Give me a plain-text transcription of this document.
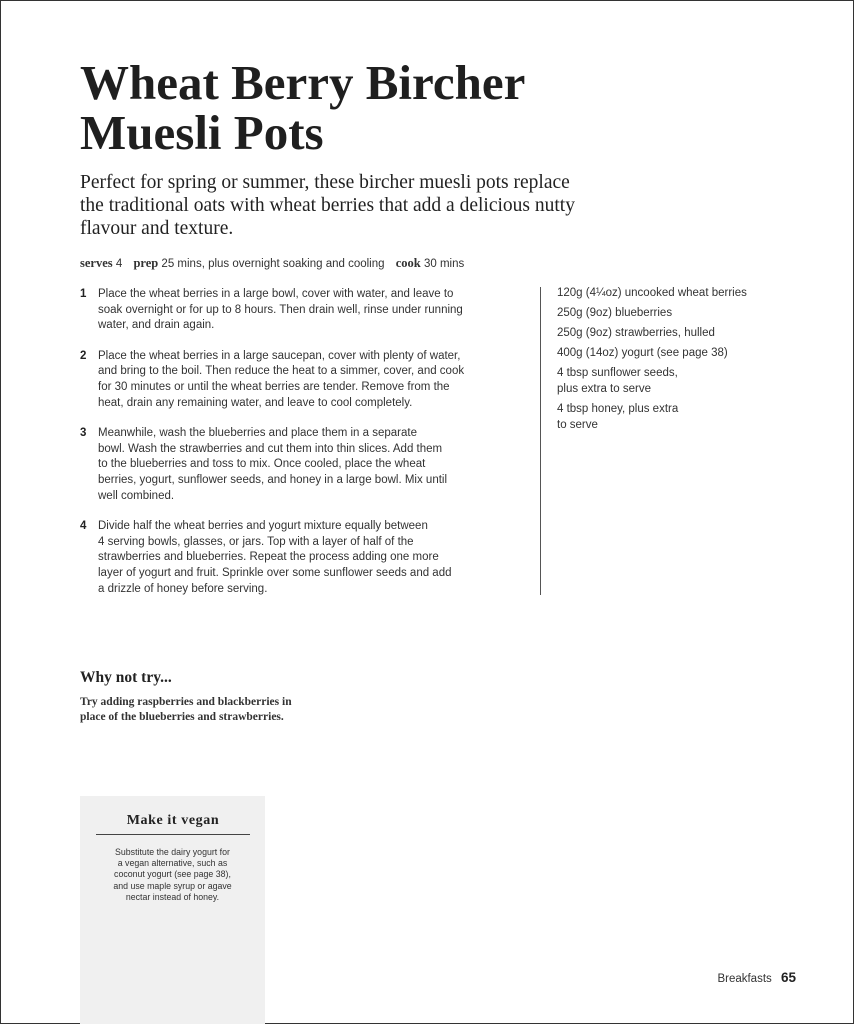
Wheat Berry Bircher
Muesli Pots

Perfect for spring or summer, these bircher muesli pots replace
the traditional oats with wheat berries that add a delicious nutty
flavour and texture.

serves 4 prep 25 mins, plus overnight soaking and cooling cook 30 mins
1 Place the wheat berries in a large bowl, cover with water, and leave to
soak overnight or for up to 8 hours. Then drain well, rinse under running
water, and drain again.
2 Place the wheat berries in a large saucepan, cover with plenty of water,
and bring to the boil. Then reduce the heat to a simmer, cover, and cook
for 30 minutes or until the wheat berries are tender. Remove from the
heat, drain any remaining water, and leave to cool completely.
3 Meanwhile, wash the blueberries and place them in a separate
bowl. Wash the strawberries and cut them into thin slices. Add them
to the blueberries and toss to mix. Once cooled, place the wheat
berries, yogurt, sunflower seeds, and honey in a large bowl. Mix until
well combined.
4 Divide half the wheat berries and yogurt mixture equally between
4 serving bowls, glasses, or jars. Top with a layer of half of the
strawberries and blueberries. Repeat the process adding one more
layer of yogurt and fruit. Sprinkle over some sunflower seeds and add
a drizzle of honey before serving.
120g (4¼oz) uncooked wheat berries
250g (9oz) blueberries
250g (9oz) strawberries, hulled
400g (14oz) yogurt (see page 38)
4 tbsp sunflower seeds,
plus extra to serve
4 tbsp honey, plus extra
to serve
Why not try...
Try adding raspberries and blackberries in
place of the blueberries and strawberries.
Make it vegan
Substitute the dairy yogurt for
a vegan alternative, such as
coconut yogurt (see page 38),
and use maple syrup or agave
nectar instead of honey.
Breakfasts 65
